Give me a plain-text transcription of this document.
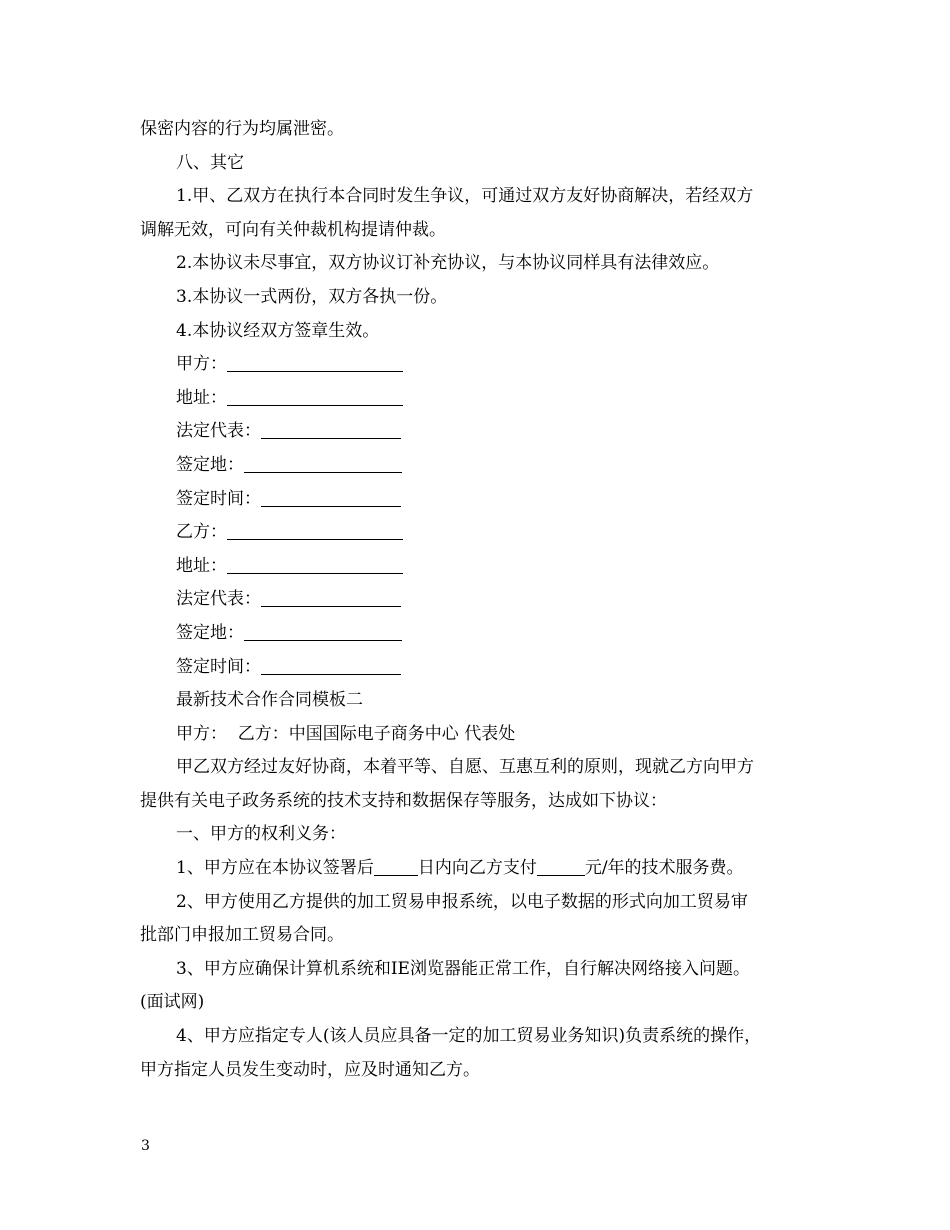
保密内容的行为均属泄密。
八、其它
1.甲、乙双方在执行本合同时发生争议，可通过双方友好协商解决，若经双方
调解无效，可向有关仲裁机构提请仲裁。
2.本协议未尽事宜，双方协议订补充协议，与本协议同样具有法律效应。
3.本协议一式两份，双方各执一份。
4.本协议经双方签章生效。
甲方：
地址：
法定代表：
签定地：
签定时间：
乙方：
地址：
法定代表：
签定地：
签定时间：
最新技术合作合同模板二
甲方：  乙方：中国国际电子商务中心 代表处
甲乙双方经过友好协商，本着平等、自愿、互惠互利的原则，现就乙方向甲方
提供有关电子政务系统的技术支持和数据保存等服务，达成如下协议：
一、甲方的权利义务：
1、甲方应在本协议签署后	日内向乙方支付	元/年的技术服务费。
2、甲方使用乙方提供的加工贸易申报系统，以电子数据的形式向加工贸易审
批部门申报加工贸易合同。
3、甲方应确保计算机系统和IE浏览器能正常工作，自行解决网络接入问题。
(面试网)
4、甲方应指定专人(该人员应具备一定的加工贸易业务知识)负责系统的操作，
甲方指定人员发生变动时，应及时通知乙方。
3
